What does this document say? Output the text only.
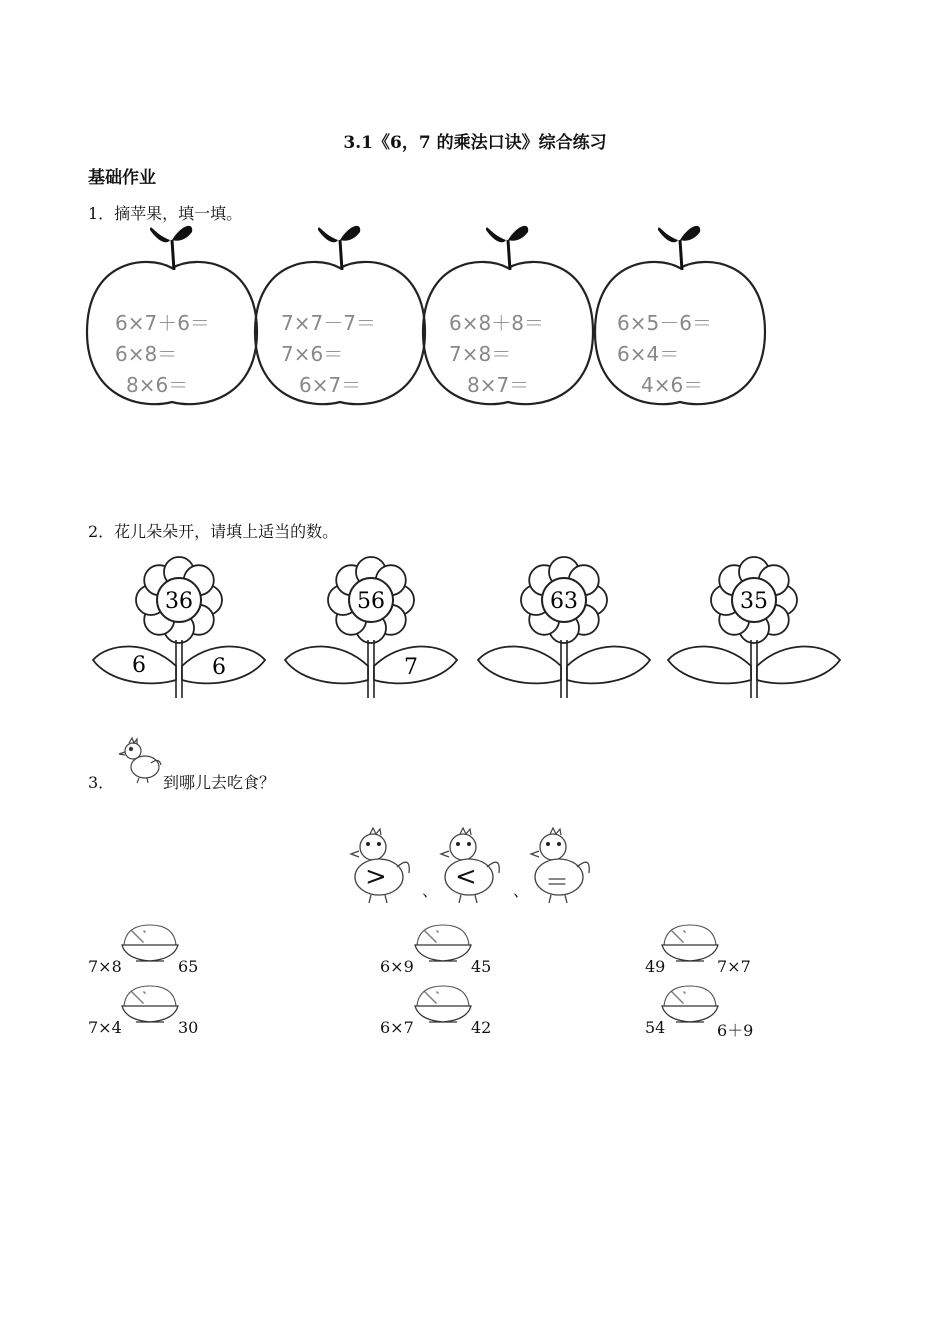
3.1《6，7 的乘法口诀》综合练习
基础作业
1．摘苹果，填一填。
6×7＋6＝
6×8＝
8×6＝
7×7－7＝
7×6＝
6×7＝
6×8＋8＝
7×8＝
8×7＝
6×5－6＝
6×4＝
4×6＝
2．花儿朵朵开，请填上适当的数。
36
6	6
56
7
63	35
3．	到哪儿去吃食？
> 、 < 、 ＝
7×8	65	6×9	45	49	7×7
7×4	30	6×7	42	54	6＋9
